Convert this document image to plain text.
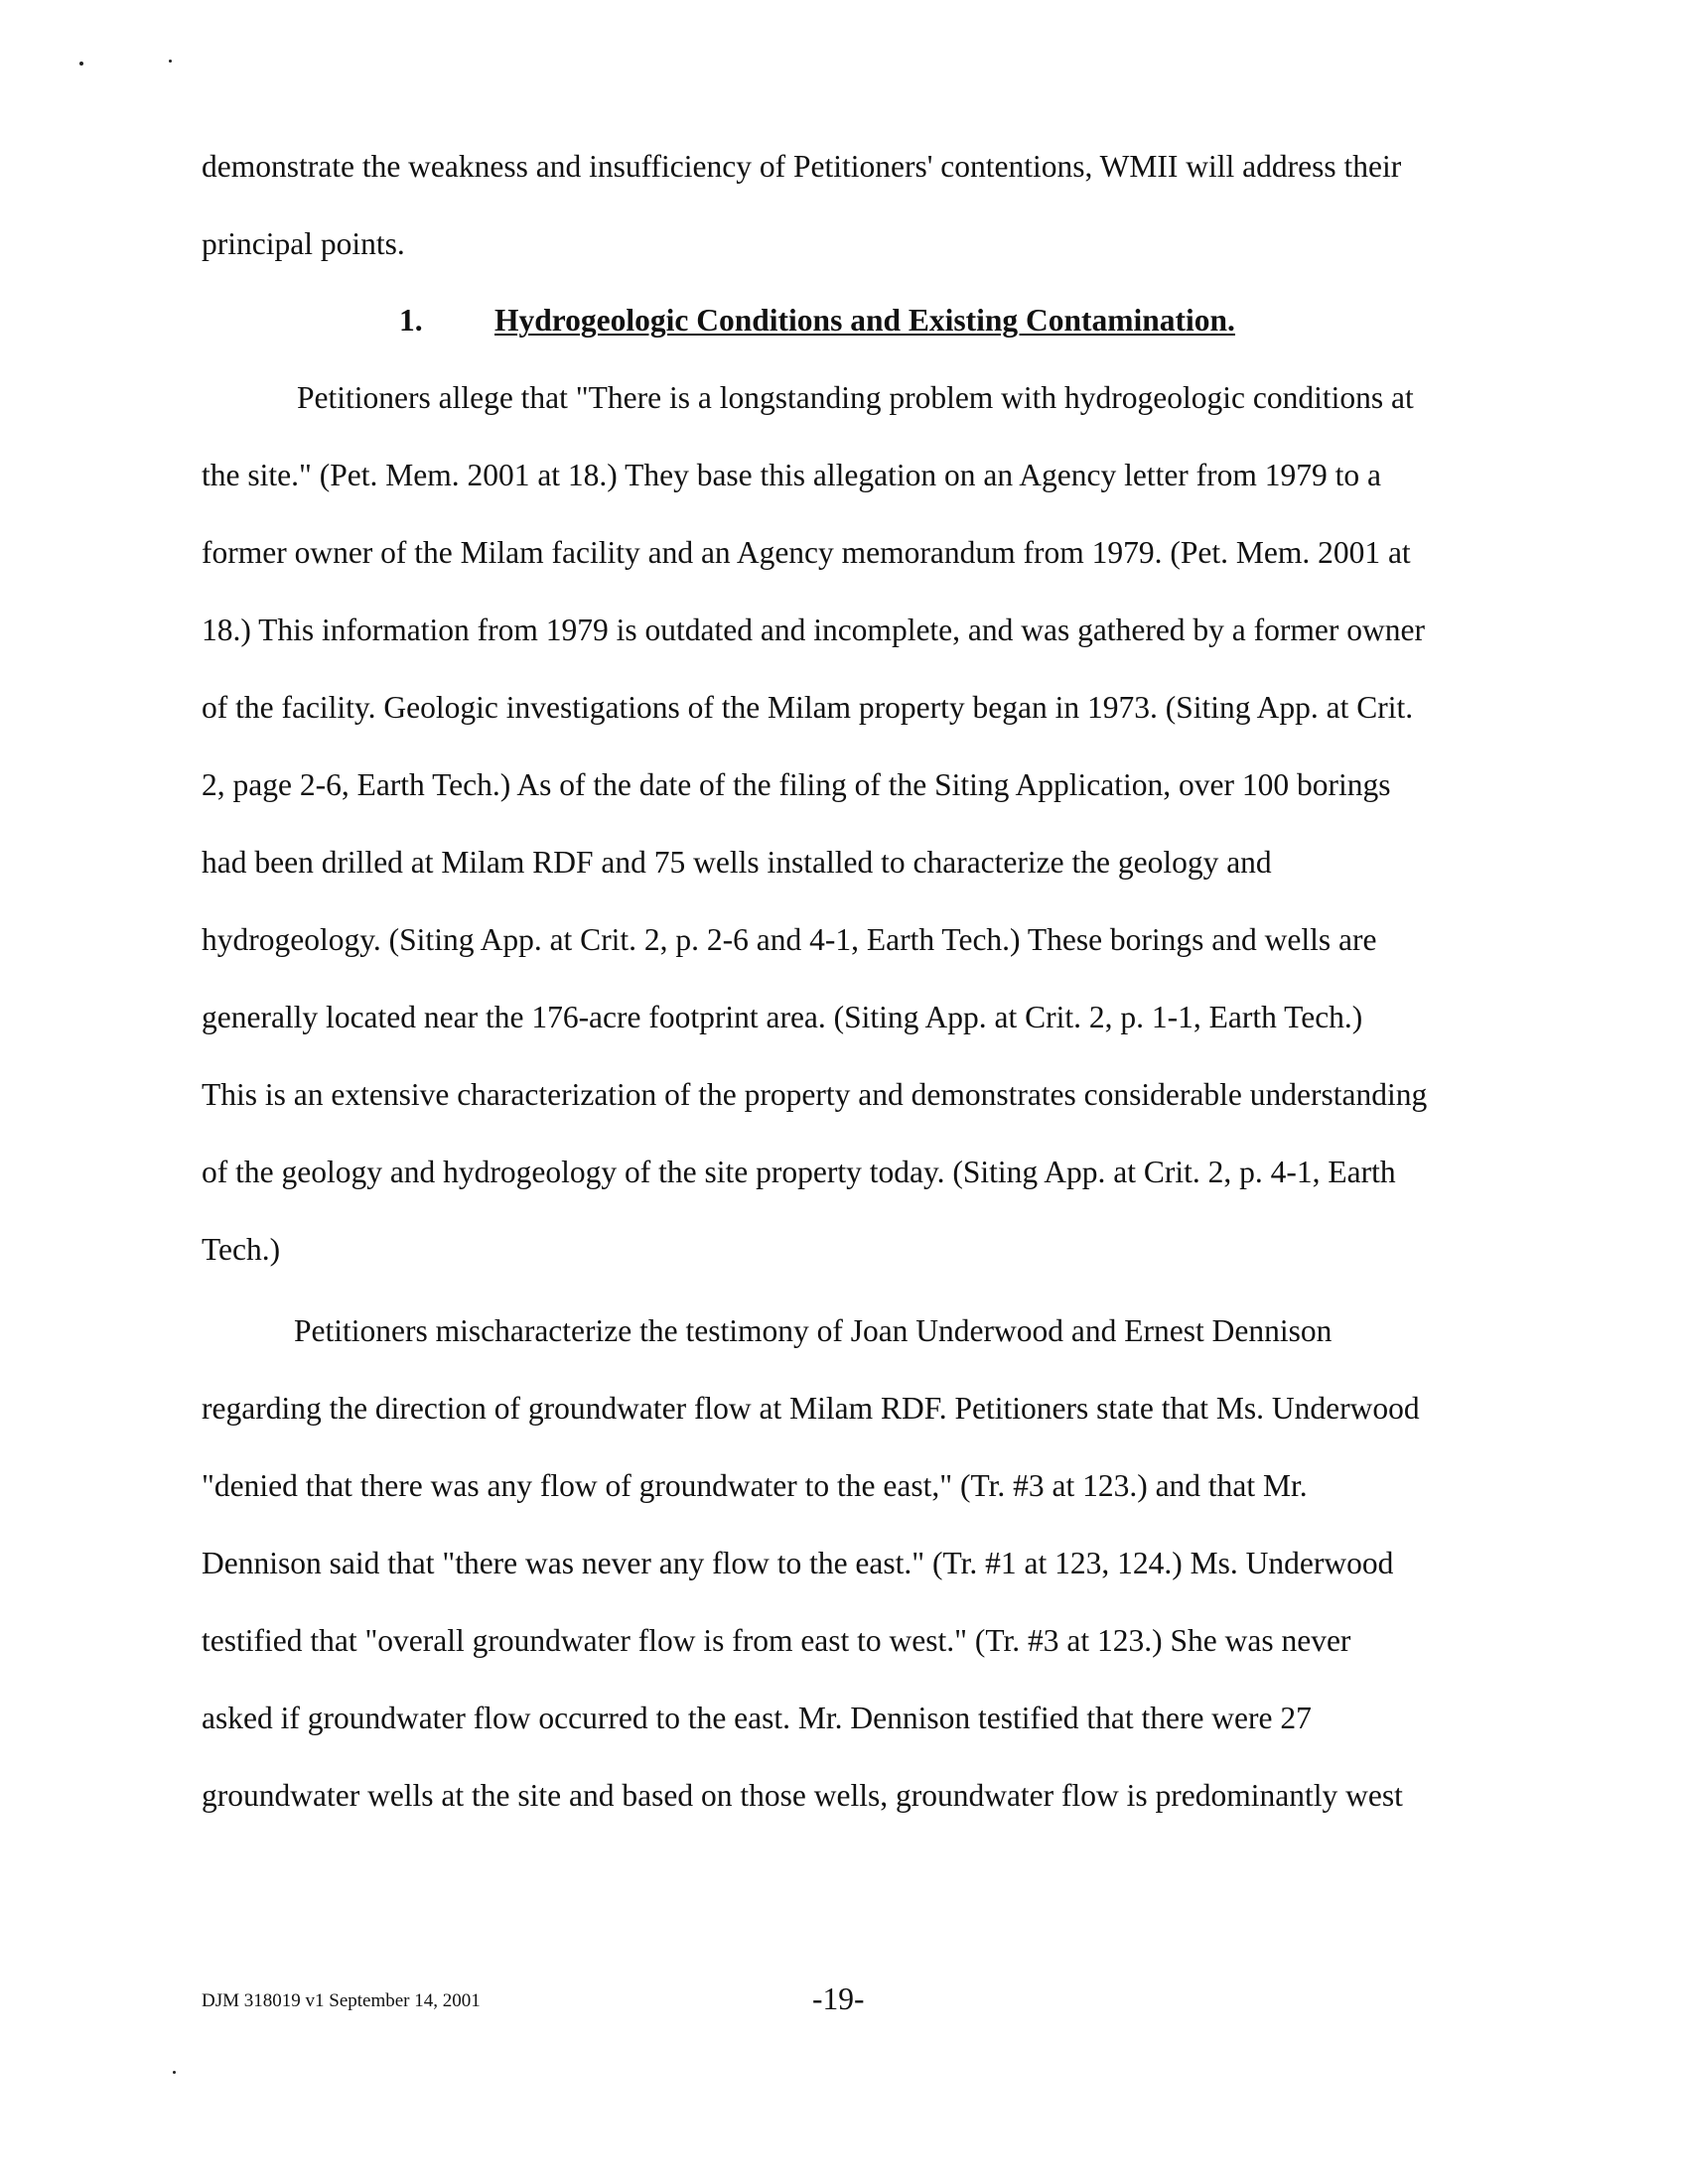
demonstrate the weakness and insufficiency of Petitioners' contentions, WMII will address their

principal points.

1. Hydrogeologic Conditions and Existing Contamination.

Petitioners allege that "There is a longstanding problem with hydrogeologic conditions at

the site." (Pet. Mem. 2001 at 18.) They base this allegation on an Agency letter from 1979 to a

former owner of the Milam facility and an Agency memorandum from 1979. (Pet. Mem. 2001 at

18.) This information from 1979 is outdated and incomplete, and was gathered by a former owner

of the facility. Geologic investigations of the Milam property began in 1973. (Siting App. at Crit.

2, page 2-6, Earth Tech.) As of the date of the filing of the Siting Application, over 100 borings

had been drilled at Milam RDF and 75 wells installed to characterize the geology and

hydrogeology. (Siting App. at Crit. 2, p. 2-6 and 4-1, Earth Tech.) These borings and wells are

generally located near the 176-acre footprint area. (Siting App. at Crit. 2, p. 1-1, Earth Tech.)

This is an extensive characterization of the property and demonstrates considerable understanding

of the geology and hydrogeology of the site property today. (Siting App. at Crit. 2, p. 4-1, Earth

Tech.)

Petitioners mischaracterize the testimony of Joan Underwood and Ernest Dennison

regarding the direction of groundwater flow at Milam RDF. Petitioners state that Ms. Underwood

"denied that there was any flow of groundwater to the east," (Tr. #3 at 123.) and that Mr.

Dennison said that "there was never any flow to the east." (Tr. #1 at 123, 124.) Ms. Underwood

testified that "overall groundwater flow is from east to west." (Tr. #3 at 123.) She was never

asked if groundwater flow occurred to the east. Mr. Dennison testified that there were 27

groundwater wells at the site and based on those wells, groundwater flow is predominantly west

DJM 318019 v1 September 14, 2001	-19-
